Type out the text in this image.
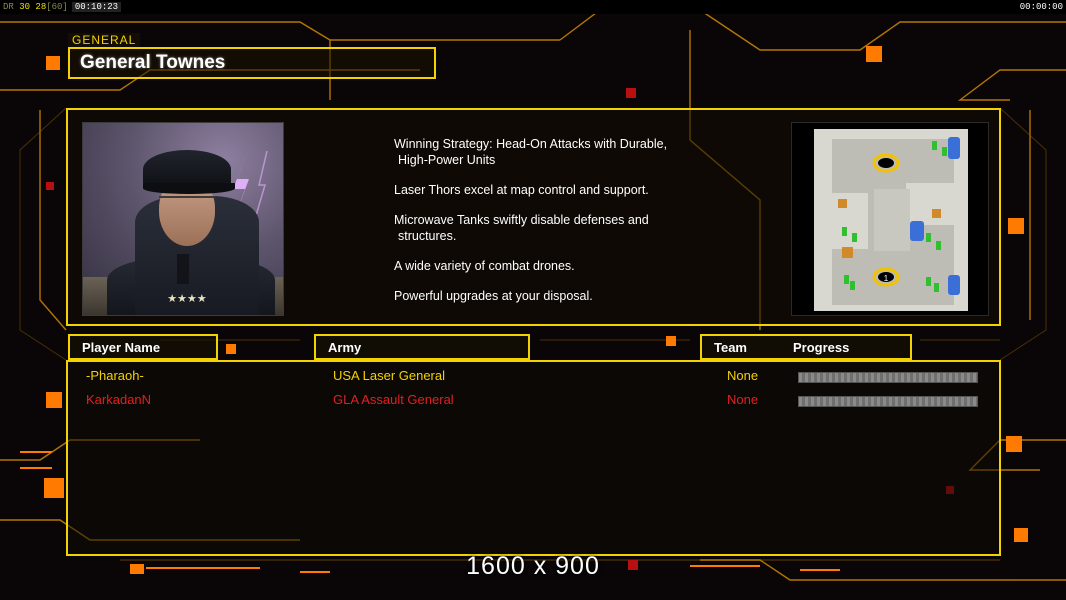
DR 30 28[60] 00:10:23	00:00:00
GENERAL
General Townes
★★★★

Winning Strategy: Head-On Attacks with Durable,
High-Power Units

Laser Thors excel at map control and support.

Microwave Tanks swiftly disable defenses and
structures.

A wide variety of combat drones.

Powerful upgrades at your disposal.

1
Player Name	Army	Team	Progress
-Pharaoh-	USA Laser General	None
KarkadanN	GLA Assault General	None
1600 x 900
